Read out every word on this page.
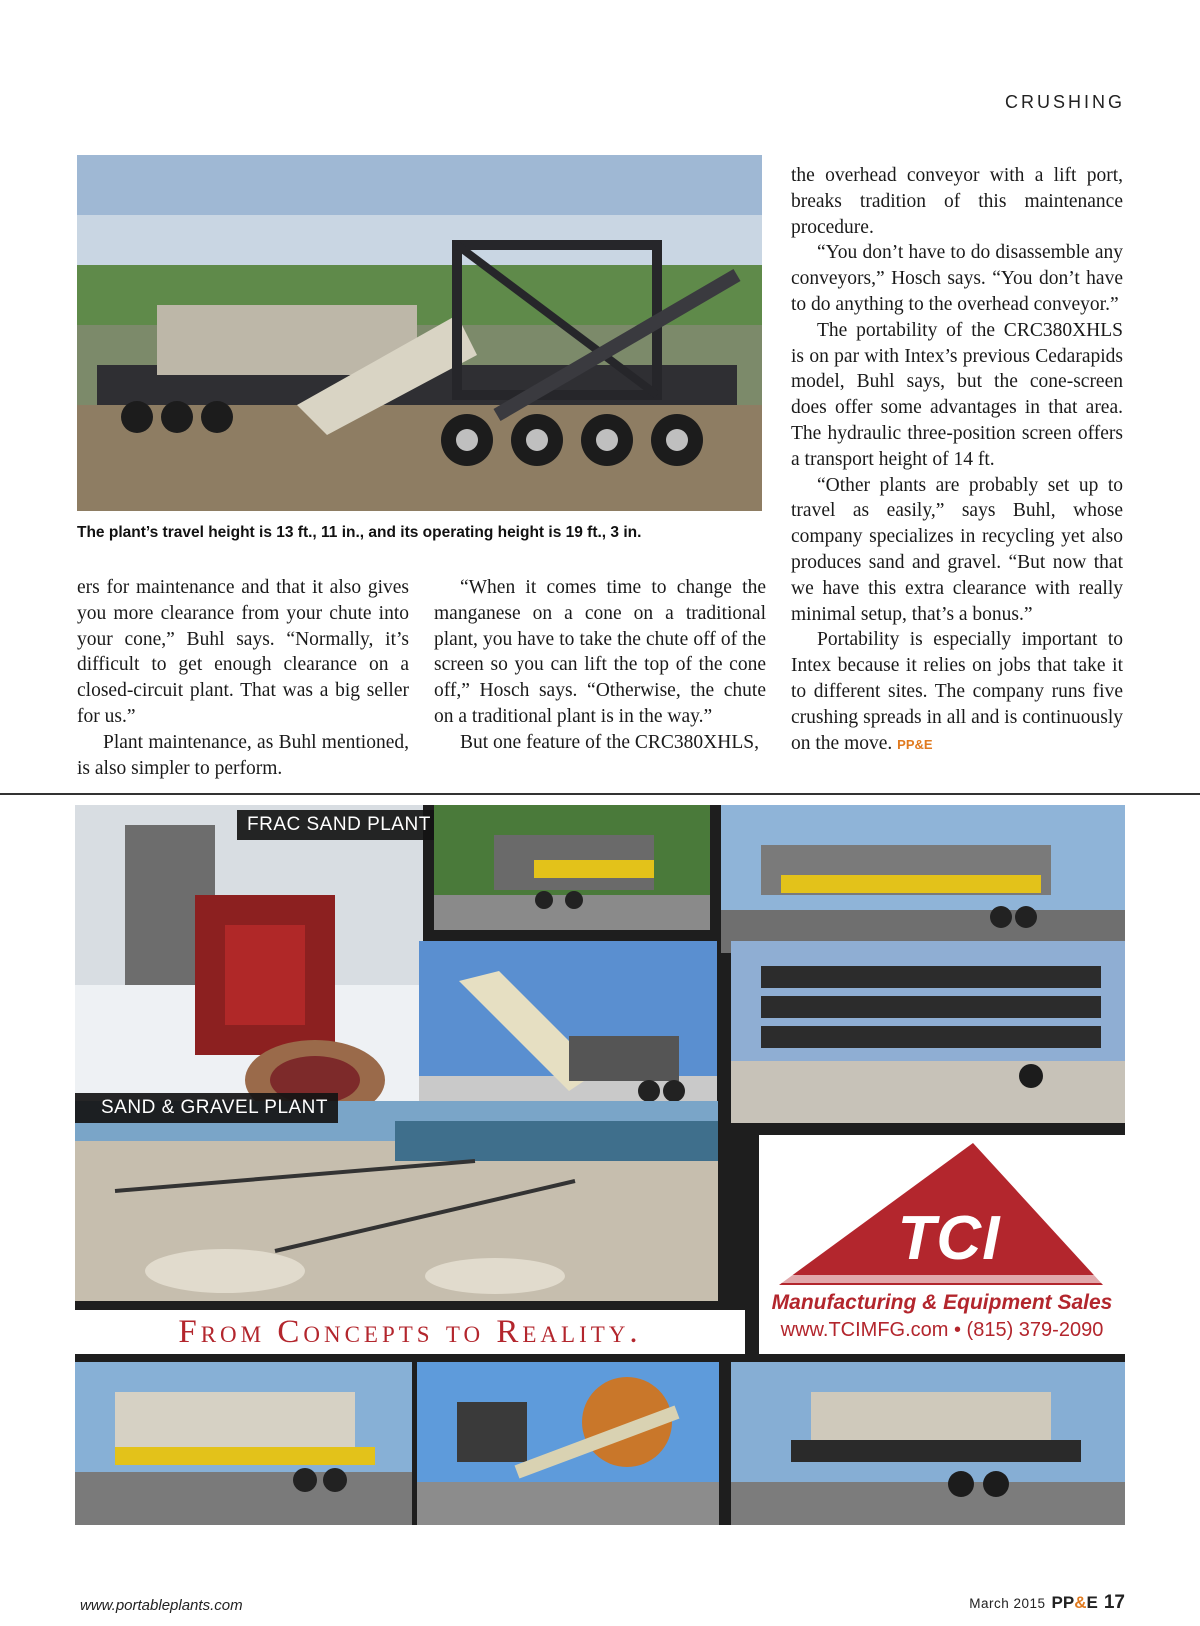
CRUSHING
The plant’s travel height is 13 ft., 11 in., and its operating height is 19 ft., 3 in.

ers for maintenance and that it also gives you more clearance from your chute into your cone,” Buhl says. “Normally, it’s difficult to get enough clearance on a closed-circuit plant. That was a big seller for us.”

Plant maintenance, as Buhl mentioned, is also simpler to perform.

“When it comes time to change the manganese on a cone on a traditional plant, you have to take the chute off of the screen so you can lift the top of the cone off,” Hosch says. “Otherwise, the chute on a traditional plant is in the way.”

But one feature of the CRC380XHLS,

the overhead conveyor with a lift port, breaks tradition of this maintenance procedure.

“You don’t have to do disassemble any conveyors,” Hosch says. “You don’t have to do anything to the overhead conveyor.”

The portability of the CRC380XHLS is on par with Intex’s previous Cedarapids model, Buhl says, but the cone-screen does offer some advantages in that area. The hydraulic three-position screen offers a transport height of 14 ft.

“Other plants are probably set up to travel as easily,” says Buhl, whose company specializes in recycling yet also produces sand and gravel. “But now that we have this extra clearance with really minimal setup, that’s a bonus.”

Portability is especially important to Intex because it relies on jobs that take it to different sites. The company runs five crushing spreads in all and is continuously on the move. PP&E

FRAC SAND PLANT
SAND & GRAVEL PLANT
From Concepts to Reality.
TCI
Manufacturing & Equipment Sales
www.TCIMFG.com • (815) 379-2090
www.portableplants.com	March 2015 PP&E 17
